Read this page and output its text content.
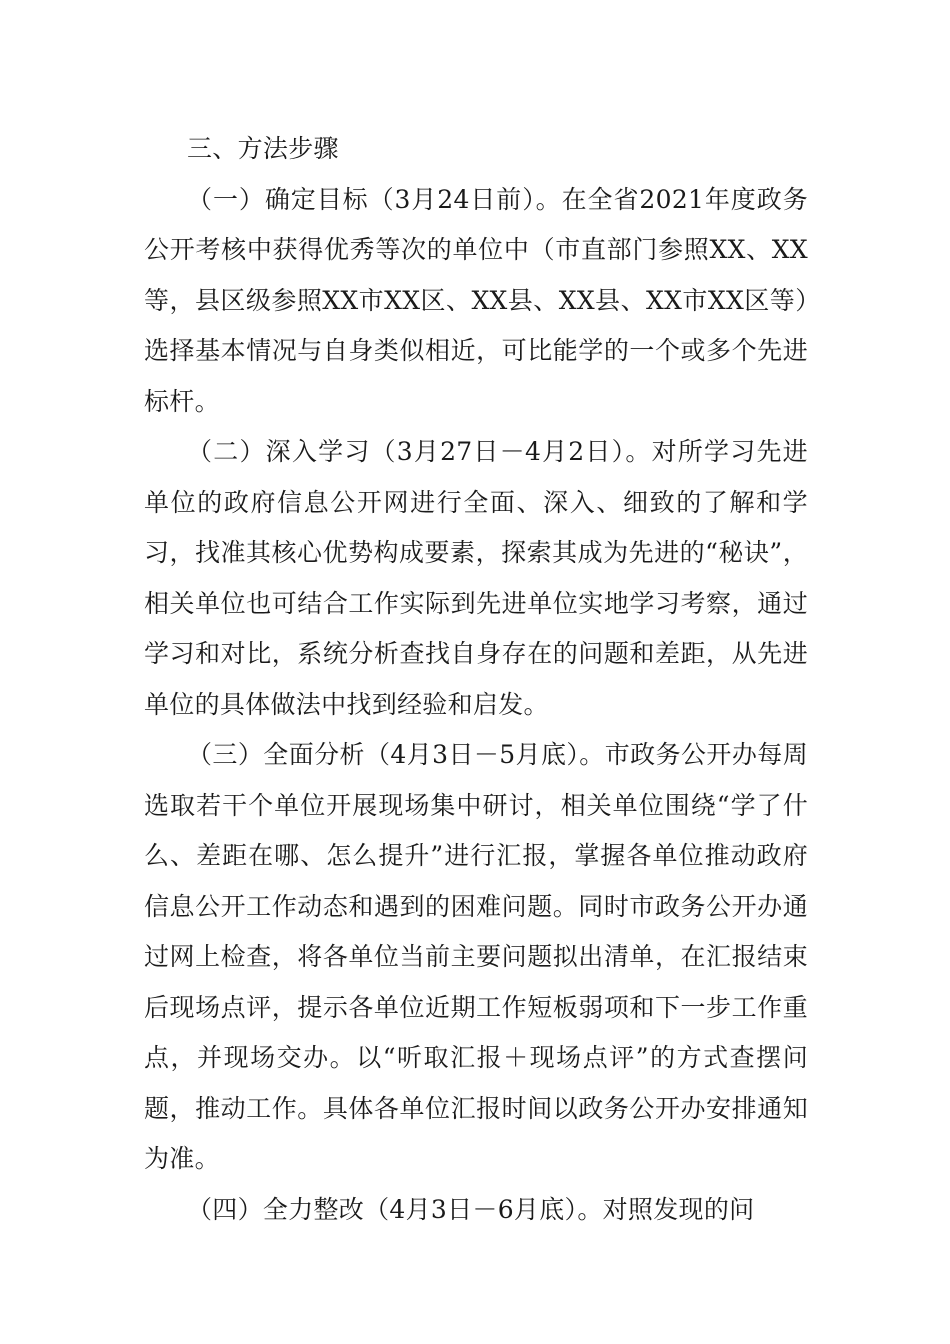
三、方法步骤

（一）确定目标（3月24日前）。在全省2021年度政务公开考核中获得优秀等次的单位中（市直部门参照XX、XX等，县区级参照XX市XX区、XX县、XX县、XX市XX区等）选择基本情况与自身类似相近，可比能学的一个或多个先进标杆。

（二）深入学习（3月27日－4月2日）。对所学习先进单位的政府信息公开网进行全面、深入、细致的了解和学习，找准其核心优势构成要素，探索其成为先进的“秘诀”，相关单位也可结合工作实际到先进单位实地学习考察，通过学习和对比，系统分析查找自身存在的问题和差距，从先进单位的具体做法中找到经验和启发。

（三）全面分析（4月3日－5月底）。市政务公开办每周选取若干个单位开展现场集中研讨，相关单位围绕“学了什么、差距在哪、怎么提升”进行汇报，掌握各单位推动政府信息公开工作动态和遇到的困难问题。同时市政务公开办通过网上检查，将各单位当前主要问题拟出清单，在汇报结束后现场点评，提示各单位近期工作短板弱项和下一步工作重点，并现场交办。以“听取汇报＋现场点评”的方式查摆问题，推动工作。具体各单位汇报时间以政务公开办安排通知为准。

（四）全力整改（4月3日－6月底）。对照发现的问
